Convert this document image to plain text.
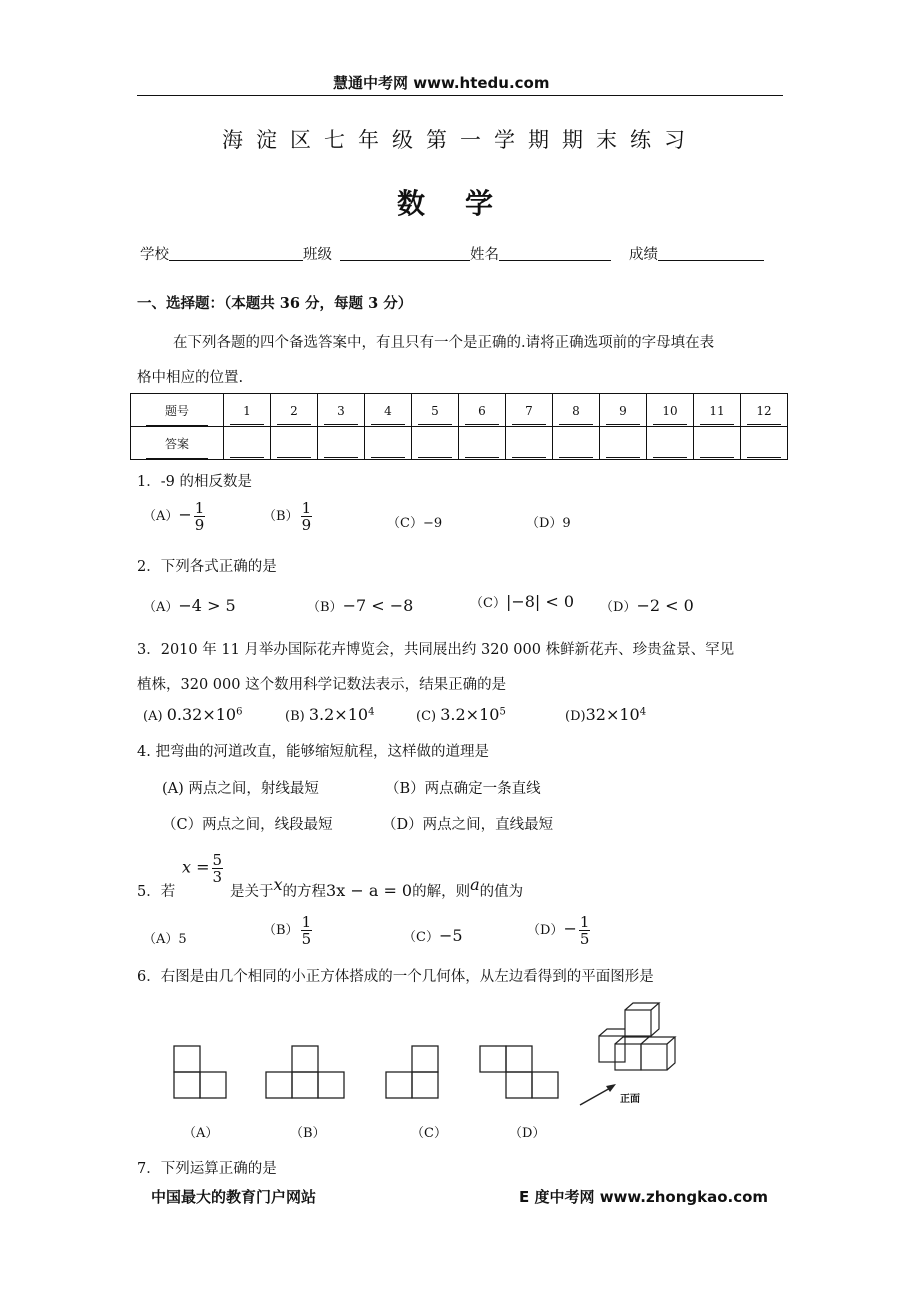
慧通中考网 www.htedu.com
海淀区七年级第一学期期末练习
数学
学校	班级	姓名	成绩
一、选择题：（本题共 36 分，每题 3 分）
在下列各题的四个备选答案中，有且只有一个是正确的.请将正确选项前的字母填在表
格中相应的位置.
题号	1	2	3	4	5	6	7	8	9	10	11	12

答案												

1．-9 的相反数是
$(A)- \frac{1}{9}$	$(B) \frac{1}{9}$	（C）−9	（D）9
2．下列各式正确的是
（A）−4 > 5	（B）−7 < −8	（C）|−8| < 0 （D）−2 < 0
3．2010 年 11 月举办国际花卉博览会，共同展出约 320 000 株鲜新花卉、珍贵盆景、罕见
植株，320 000 这个数用科学记数法表示，结果正确的是
(A) $0.32\times 10^6$	(B) $3.2\times 10^4$	(C) $3.2\times 10^5$	$(D)32\times 10^4$
4. 把弯曲的河道改直，能够缩短航程，这样做的道理是
(A) 两点之间，射线最短	（B）两点确定一条直线
（C）两点之间，线段最短	（D）两点之间，直线最短
5．若
$x = \frac{5}{3}$
是关于x的方程3x − a = 0的解，则a的值为
（A）5
$(B) \frac{1}{5}$	（C）−5	$(D)- \frac{1}{5}$
6．右图是由几个相同的小正方体搭成的一个几何体，从左边看得到的平面图形是
正面
（A）	（B）	（C）	（D）
7．下列运算正确的是
中国最大的教育门户网站	E 度中考网 www.zhongkao.com
